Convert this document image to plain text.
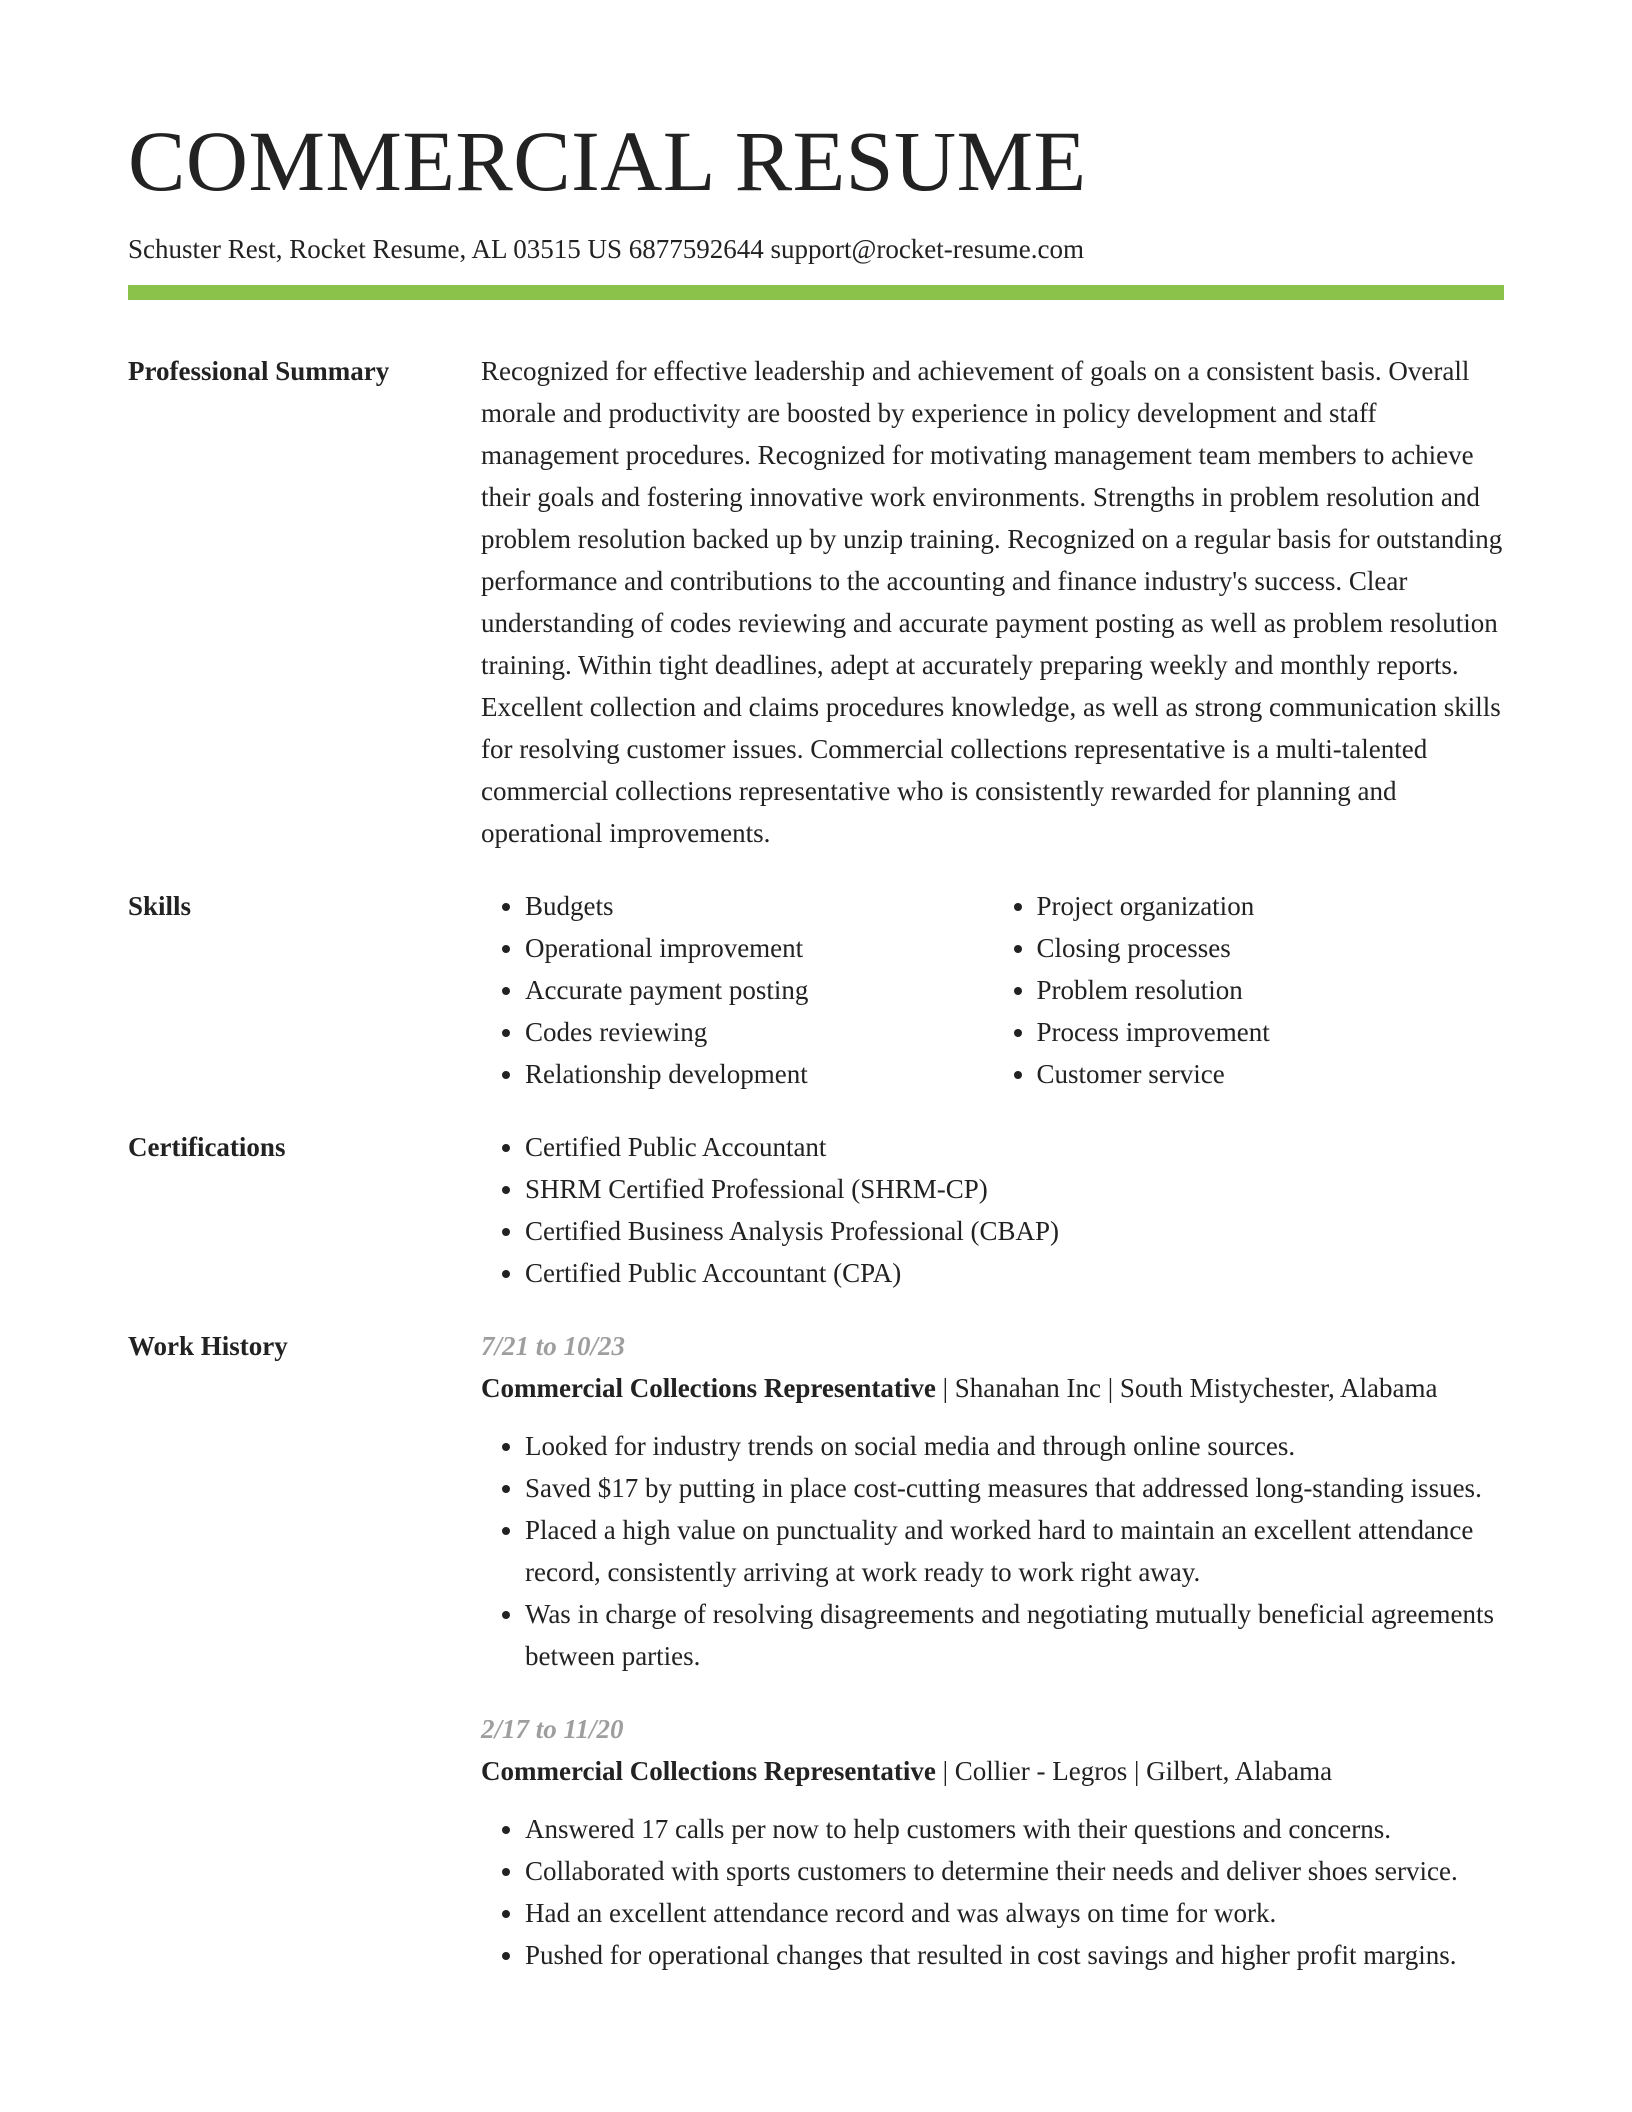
COMMERCIAL RESUME
Schuster Rest, Rocket Resume, AL 03515 US 6877592644 support@rocket-resume.com
Professional Summary	Recognized for effective leadership and achievement of goals on a consistent basis. Overall morale and productivity are boosted by experience in policy development and staff management procedures. Recognized for motivating management team members to achieve their goals and fostering innovative work environments. Strengths in problem resolution and problem resolution backed up by unzip training. Recognized on a regular basis for outstanding performance and contributions to the accounting and finance industry's success. Clear understanding of codes reviewing and accurate payment posting as well as problem resolution training. Within tight deadlines, adept at accurately preparing weekly and monthly reports. Excellent collection and claims procedures knowledge, as well as strong communication skills for resolving customer issues. Commercial collections representative is a multi-talented commercial collections representative who is consistently rewarded for planning and operational improvements.

Skills	• Budgets
• Operational improvement
• Accurate payment posting
• Codes reviewing
• Relationship development
• Project organization
• Closing processes
• Problem resolution
• Process improvement
• Customer service
Certifications	• Certified Public Accountant
• SHRM Certified Professional (SHRM-CP)
• Certified Business Analysis Professional (CBAP)
• Certified Public Accountant (CPA)
Work History	7/21 to 10/23

Commercial Collections Representative | Shanahan Inc | South Mistychester, Alabama

• Looked for industry trends on social media and through online sources.
• Saved $17 by putting in place cost-cutting measures that addressed long-standing issues.
• Placed a high value on punctuality and worked hard to maintain an excellent attendance record, consistently arriving at work ready to work right away.
• Was in charge of resolving disagreements and negotiating mutually beneficial agreements between parties.
2/17 to 11/20

Commercial Collections Representative | Collier - Legros | Gilbert, Alabama

• Answered 17 calls per now to help customers with their questions and concerns.
• Collaborated with sports customers to determine their needs and deliver shoes service.
• Had an excellent attendance record and was always on time for work.
• Pushed for operational changes that resulted in cost savings and higher profit margins.
